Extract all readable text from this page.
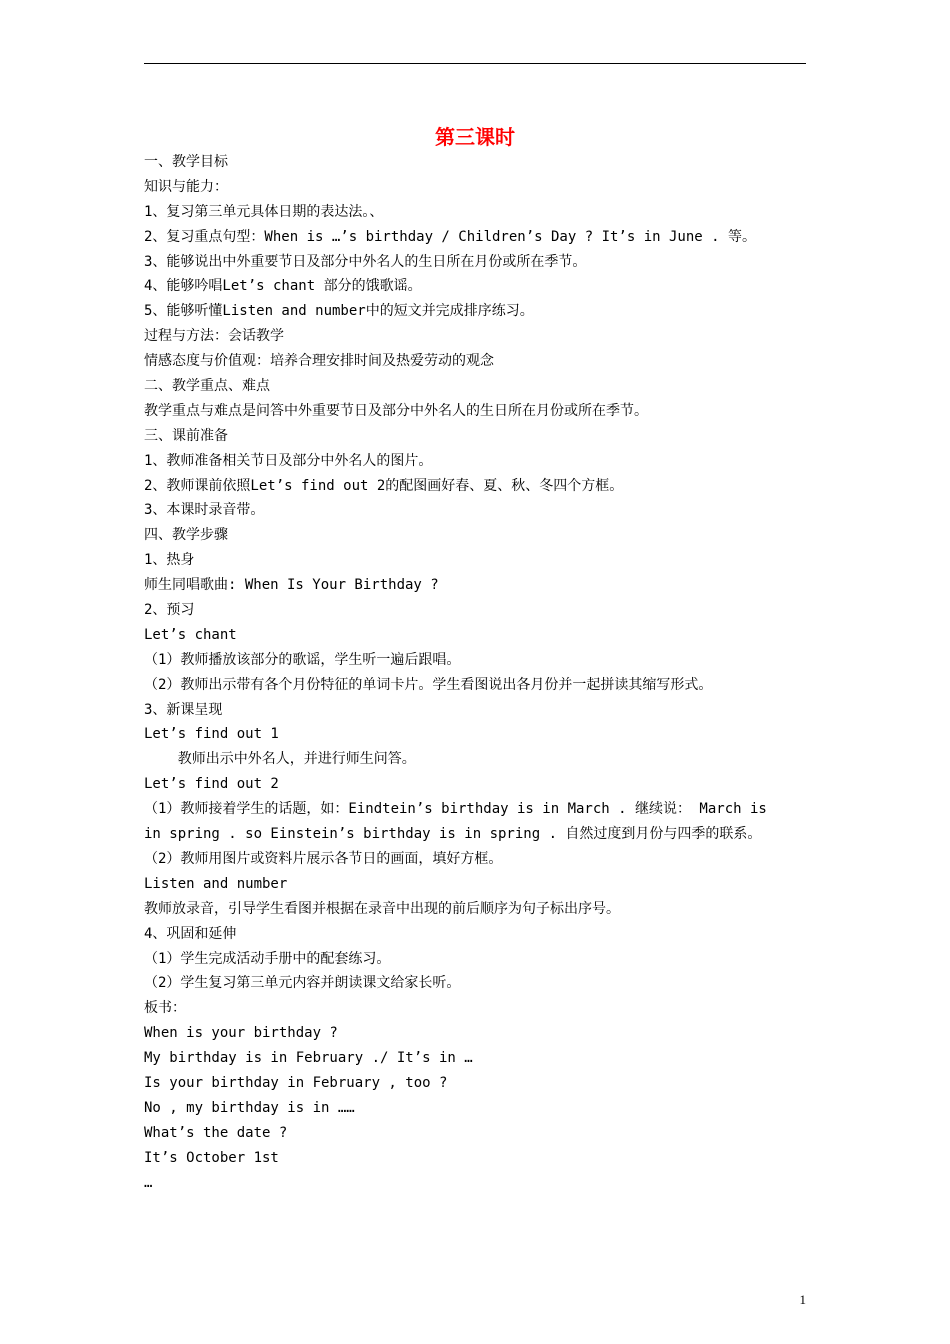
第三课时
一、教学目标
知识与能力：
1、复习第三单元具体日期的表达法。、
2、复习重点句型：When is …’s birthday / Children’s Day ? It’s in June . 等。
3、能够说出中外重要节日及部分中外名人的生日所在月份或所在季节。
4、能够吟唱Let’s chant 部分的饿歌谣。
5、能够听懂Listen and number中的短文并完成排序练习。
过程与方法：会话教学
情感态度与价值观：培养合理安排时间及热爱劳动的观念
二、教学重点、难点
教学重点与难点是问答中外重要节日及部分中外名人的生日所在月份或所在季节。
三、课前准备
1、教师准备相关节日及部分中外名人的图片。
2、教师课前依照Let’s find out 2的配图画好春、夏、秋、冬四个方框。
3、本课时录音带。
四、教学步骤
1、热身
师生同唱歌曲: When Is Your Birthday ?
2、预习
Let’s chant
（1）教师播放该部分的歌谣，学生听一遍后跟唱。
（2）教师出示带有各个月份特征的单词卡片。学生看图说出各月份并一起拼读其缩写形式。
3、新课呈现
Let’s find out 1
教师出示中外名人，并进行师生问答。
Let’s find out 2
（1）教师接着学生的话题，如：Eindtein’s birthday is in March . 继续说： March is
in spring . so Einstein’s birthday is in spring . 自然过度到月份与四季的联系。
（2）教师用图片或资料片展示各节日的画面，填好方框。
Listen and number
教师放录音，引导学生看图并根据在录音中出现的前后顺序为句子标出序号。
4、巩固和延伸
（1）学生完成活动手册中的配套练习。
（2）学生复习第三单元内容并朗读课文给家长听。
板书：
When is your birthday ?
My birthday is in February ./ It’s in …
Is your birthday in February , too ?
No , my birthday is in ……
What’s the date ?
It’s October 1st
…
1
